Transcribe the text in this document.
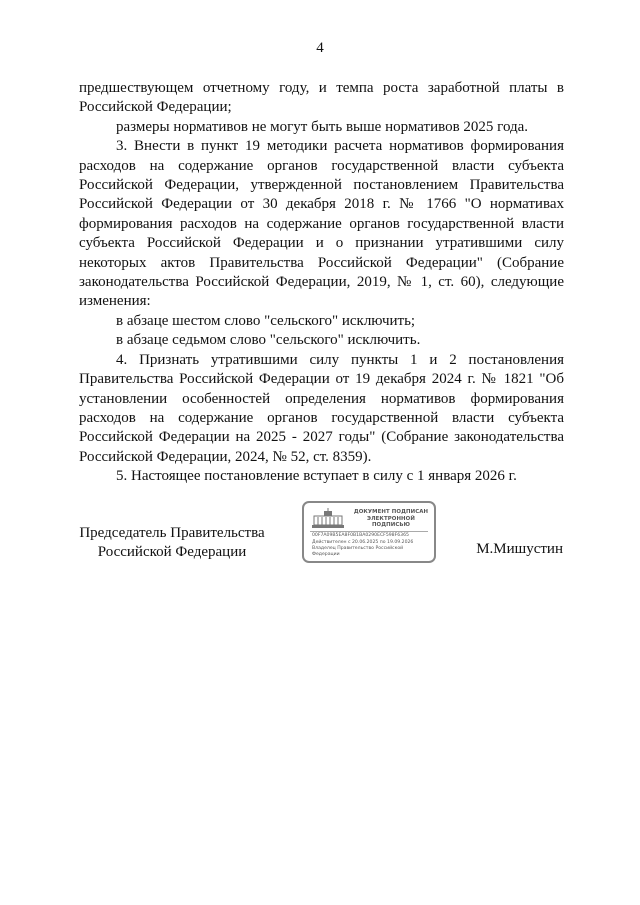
4

предшествующем отчетному году, и темпа роста заработной платы в Российской Федерации;

размеры нормативов не могут быть выше нормативов 2025 года.

3. Внести в пункт 19 методики расчета нормативов формирования расходов на содержание органов государственной власти субъекта Российской Федерации, утвержденной постановлением Правительства Российской Федерации от 30 декабря 2018 г. № 1766 "О нормативах формирования расходов на содержание органов государственной власти субъекта Российской Федерации и о признании утратившими силу некоторых актов Правительства Российской Федерации" (Собрание законодательства Российской Федерации, 2019, № 1, ст. 60), следующие изменения:

в абзаце шестом слово "сельского" исключить;

в абзаце седьмом слово "сельского" исключить.

4. Признать утратившими силу пункты 1 и 2 постановления Правительства Российской Федерации от 19 декабря 2024 г. № 1821 "Об установлении особенностей определения нормативов формирования расходов на содержание органов государственной власти субъекта Российской Федерации на 2025 - 2027 годы" (Собрание законодательства Российской Федерации, 2024, № 52, ст. 8359).

5. Настоящее постановление вступает в силу с 1 января 2026 г.

Председатель Правительства
Российской Федерации
ДОКУМЕНТ ПОДПИСАН
ЭЛЕКТРОННОЙ ПОДПИСЬЮ
00F7A09B5EA8F0B1BA0290ECF598F6365
Действителен с 20.06.2025 по 19.09.2026
Владелец Правительство Российской
Федерации	М.Мишустин
